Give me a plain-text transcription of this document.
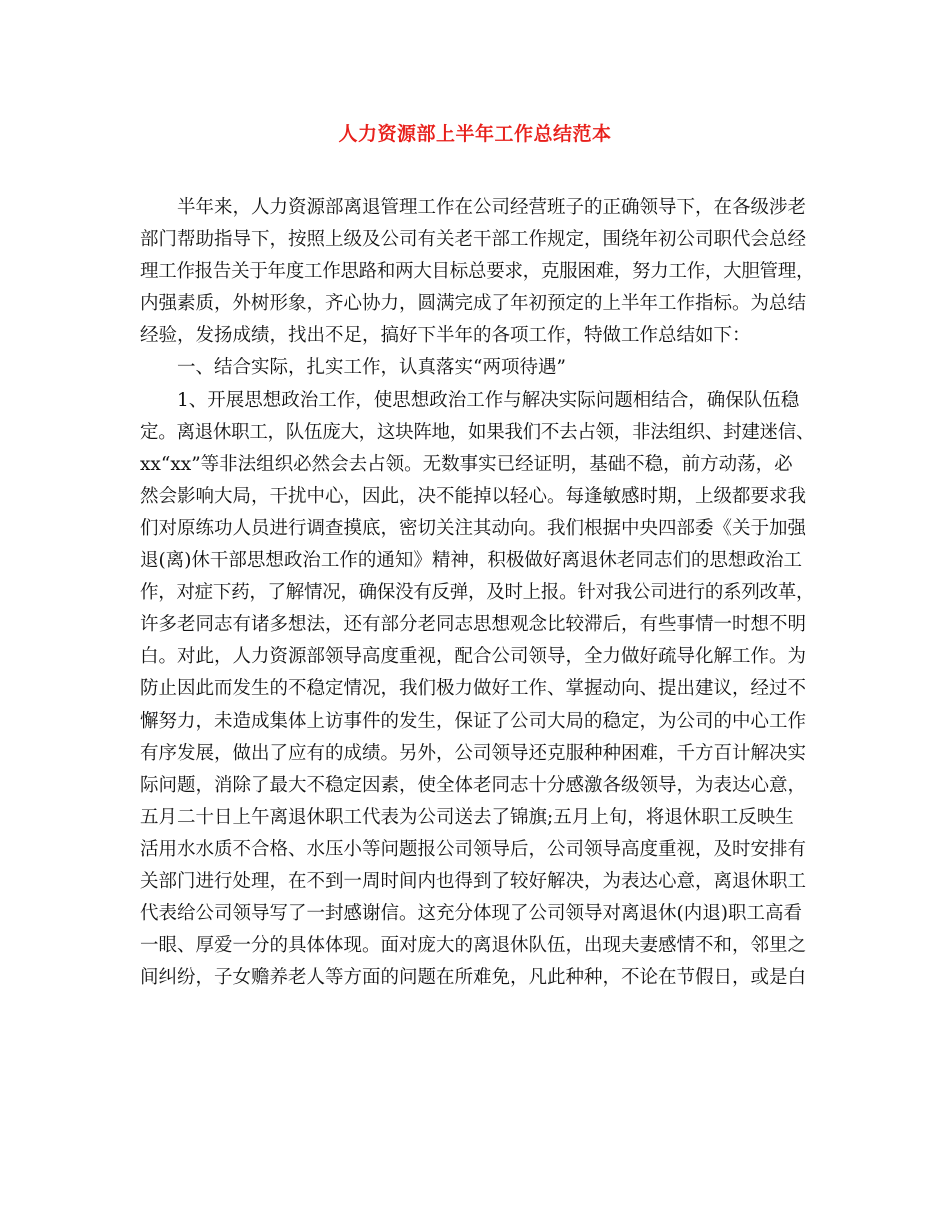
人力资源部上半年工作总结范本
半年来，人力资源部离退管理工作在公司经营班子的正确领导下，在各级涉老
部门帮助指导下，按照上级及公司有关老干部工作规定，围绕年初公司职代会总经
理工作报告关于年度工作思路和两大目标总要求，克服困难，努力工作，大胆管理，
内强素质，外树形象，齐心协力，圆满完成了年初预定的上半年工作指标。为总结
经验，发扬成绩，找出不足，搞好下半年的各项工作，特做工作总结如下：
一、结合实际，扎实工作，认真落实“两项待遇”
1、开展思想政治工作，使思想政治工作与解决实际问题相结合，确保队伍稳
定。离退休职工，队伍庞大，这块阵地，如果我们不去占领，非法组织、封建迷信、
xx“xx”等非法组织必然会去占领。无数事实已经证明，基础不稳，前方动荡，必
然会影响大局，干扰中心，因此，决不能掉以轻心。每逢敏感时期，上级都要求我
们对原练功人员进行调查摸底，密切关注其动向。我们根据中央四部委《关于加强
退(离)休干部思想政治工作的通知》精神，积极做好离退休老同志们的思想政治工
作，对症下药，了解情况，确保没有反弹，及时上报。针对我公司进行的系列改革，
许多老同志有诸多想法，还有部分老同志思想观念比较滞后，有些事情一时想不明
白。对此，人力资源部领导高度重视，配合公司领导，全力做好疏导化解工作。为
防止因此而发生的不稳定情况，我们极力做好工作、掌握动向、提出建议，经过不
懈努力，未造成集体上访事件的发生，保证了公司大局的稳定，为公司的中心工作
有序发展，做出了应有的成绩。另外，公司领导还克服种种困难，千方百计解决实
际问题，消除了最大不稳定因素，使全体老同志十分感激各级领导，为表达心意，
五月二十日上午离退休职工代表为公司送去了锦旗;五月上旬，将退休职工反映生
活用水水质不合格、水压小等问题报公司领导后，公司领导高度重视，及时安排有
关部门进行处理，在不到一周时间内也得到了较好解决，为表达心意，离退休职工
代表给公司领导写了一封感谢信。这充分体现了公司领导对离退休(内退)职工高看
一眼、厚爱一分的具体体现。面对庞大的离退休队伍，出现夫妻感情不和，邻里之
间纠纷，子女赡养老人等方面的问题在所难免，凡此种种，不论在节假日，或是白
